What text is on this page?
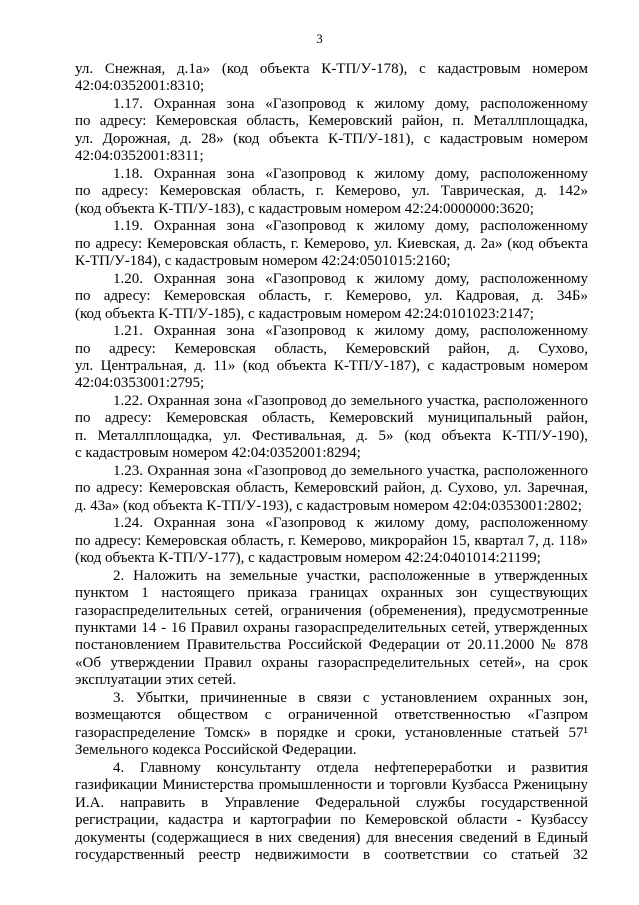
3
ул. Снежная, д.1а» (код объекта К-ТП/У-178), с кадастровым номером
42:04:0352001:8310;
1.17. Охранная зона «Газопровод к жилому дому, расположенному
по адресу: Кемеровская область, Кемеровский район, п. Металлплощадка,
ул. Дорожная, д. 28» (код объекта К-ТП/У-181), с кадастровым номером
42:04:0352001:8311;
1.18. Охранная зона «Газопровод к жилому дому, расположенному
по адресу: Кемеровская область, г. Кемерово, ул. Таврическая, д. 142»
(код объекта К-ТП/У-183), с кадастровым номером 42:24:0000000:3620;
1.19. Охранная зона «Газопровод к жилому дому, расположенному
по адресу: Кемеровская область, г. Кемерово, ул. Киевская, д. 2а» (код объекта
К-ТП/У-184), с кадастровым номером 42:24:0501015:2160;
1.20. Охранная зона «Газопровод к жилому дому, расположенному
по адресу: Кемеровская область, г. Кемерово, ул. Кадровая, д. 34Б»
(код объекта К-ТП/У-185), с кадастровым номером 42:24:0101023:2147;
1.21. Охранная зона «Газопровод к жилому дому, расположенному
по адресу: Кемеровская область, Кемеровский район, д. Сухово,
ул. Центральная, д. 11» (код объекта К-ТП/У-187), с кадастровым номером
42:04:0353001:2795;
1.22. Охранная зона «Газопровод до земельного участка, расположенного
по адресу: Кемеровская область, Кемеровский муниципальный район,
п. Металлплощадка, ул. Фестивальная, д. 5» (код объекта К-ТП/У-190),
с кадастровым номером 42:04:0352001:8294;
1.23. Охранная зона «Газопровод до земельного участка, расположенного
по адресу: Кемеровская область, Кемеровский район, д. Сухово, ул. Заречная,
д. 43а» (код объекта К-ТП/У-193), с кадастровым номером 42:04:0353001:2802;
1.24. Охранная зона «Газопровод к жилому дому, расположенному
по адресу: Кемеровская область, г. Кемерово, микрорайон 15, квартал 7, д. 118»
(код объекта К-ТП/У-177), с кадастровым номером 42:24:0401014:21199;
2. Наложить на земельные участки, расположенные в утвержденных
пунктом 1 настоящего приказа границах охранных зон существующих
газораспределительных сетей, ограничения (обременения), предусмотренные
пунктами 14 - 16 Правил охраны газораспределительных сетей, утвержденных
постановлением Правительства Российской Федерации от 20.11.2000 № 878
«Об утверждении Правил охраны газораспределительных сетей», на срок
эксплуатации этих сетей.
3. Убытки, причиненные в связи с установлением охранных зон,
возмещаются обществом с ограниченной ответственностью «Газпром
газораспределение Томск» в порядке и сроки, установленные статьей 57¹
Земельного кодекса Российской Федерации.
4. Главному консультанту отдела нефтепереработки и развития
газификации Министерства промышленности и торговли Кузбасса Рженицыну
И.А. направить в Управление Федеральной службы государственной
регистрации, кадастра и картографии по Кемеровской области - Кузбассу
документы (содержащиеся в них сведения) для внесения сведений в Единый
государственный реестр недвижимости в соответствии со статьей 32
